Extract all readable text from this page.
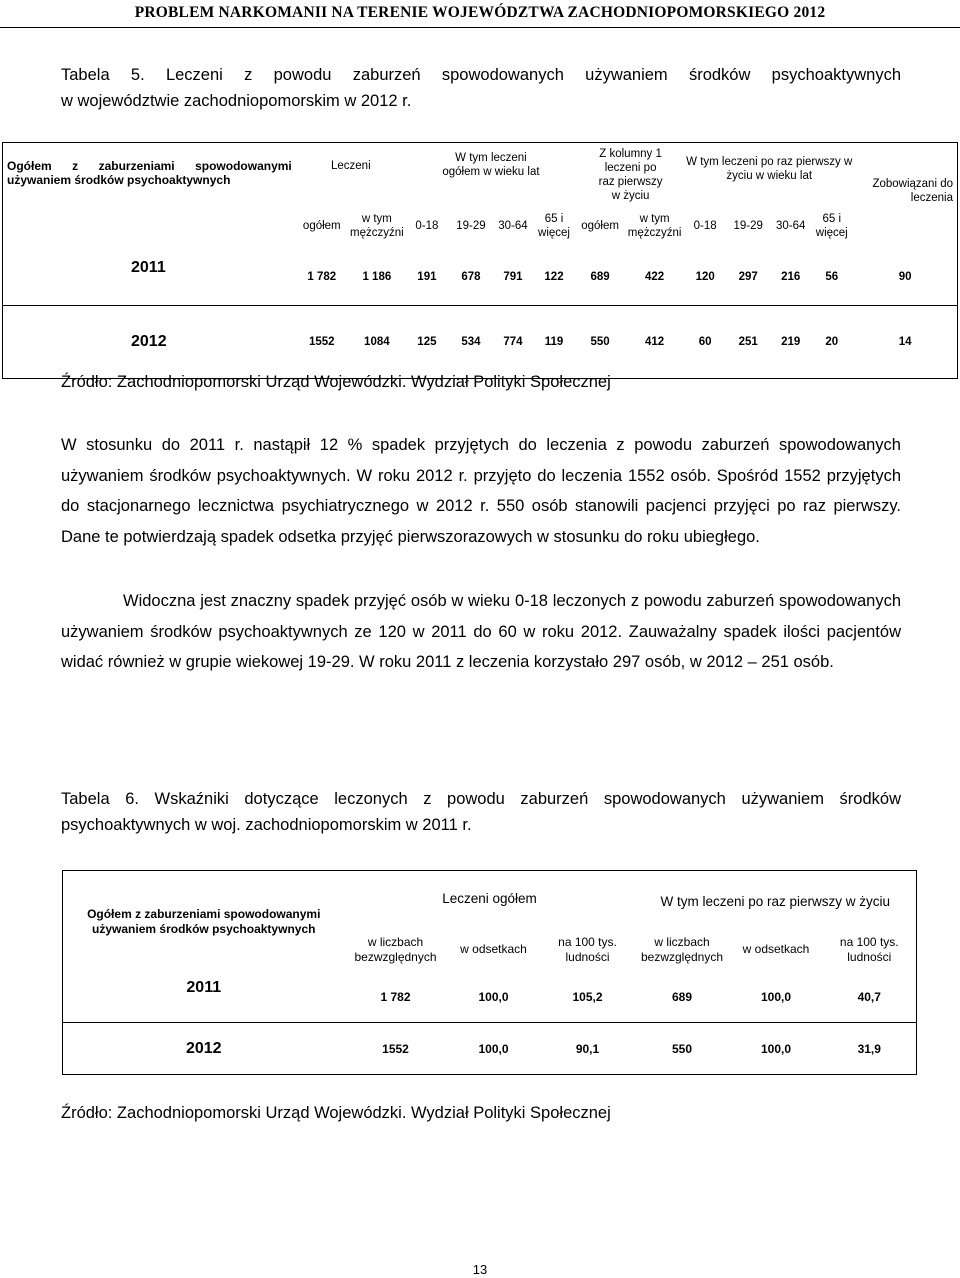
PROBLEM NARKOMANII NA TERENIE WOJEWÓDZTWA ZACHODNIOPOMORSKIEGO 2012
Tabela 5. Leczeni z powodu zaburzeń spowodowanych używaniem środków psychoaktywnych
w województwie zachodniopomorskim w 2012 r.
Ogółem z zaburzeniami spowodowanymi używaniem środków psychoaktywnych	Leczeni		W tym leczeni ogółem w wieku lat				Z kolumny 1 leczeni po raz pierwszy w życiu		W tym leczeni po raz pierwszy w życiu w wieku lat				Zobowiązani do leczenia
	ogółem	w tym mężczyźni	0-18	19-29	30-64	65 i więcej	ogółem	w tym mężczyźni	0-18	19-29	30-64	65 i więcej	
2011	1 782	1 186	191	678	791	122	689	422	120	297	216	56	90
2012	1552	1084	125	534	774	119	550	412	60	251	219	20	14
Źródło: Zachodniopomorski Urząd Wojewódzki. Wydział Polityki Społecznej
W stosunku do 2011 r. nastąpił 12 % spadek przyjętych do leczenia z powodu zaburzeń spowodowanych używaniem środków psychoaktywnych. W roku 2012 r. przyjęto do leczenia 1552 osób. Spośród 1552 przyjętych do stacjonarnego lecznictwa psychiatrycznego w 2012 r. 550 osób stanowili pacjenci przyjęci po raz pierwszy. Dane te potwierdzają spadek odsetka przyjęć pierwszorazowych w stosunku do roku ubiegłego.
Widoczna jest znaczny spadek przyjęć osób w wieku 0-18 leczonych z powodu zaburzeń spowodowanych używaniem środków psychoaktywnych ze 120 w 2011 do 60 w roku 2012. Zauważalny spadek ilości pacjentów widać również w grupie wiekowej 19-29. W roku 2011 z leczenia korzystało 297 osób, w 2012 – 251 osób.
Tabela 6. Wskaźniki dotyczące leczonych z powodu zaburzeń spowodowanych używaniem środków
psychoaktywnych w woj. zachodniopomorskim w 2011 r.
Ogółem z zaburzeniami spowodowanymi używaniem środków psychoaktywnych	Leczeni ogółem			W tym leczeni po raz pierwszy w życiu		
	w liczbach bezwzględnych	w odsetkach	na 100 tys. ludności	w liczbach bezwzględnych	w odsetkach	na 100 tys. ludności
2011	1 782	100,0	105,2	689	100,0	40,7
2012	1552	100,0	90,1	550	100,0	31,9
Źródło: Zachodniopomorski Urząd Wojewódzki. Wydział Polityki Społecznej
13
